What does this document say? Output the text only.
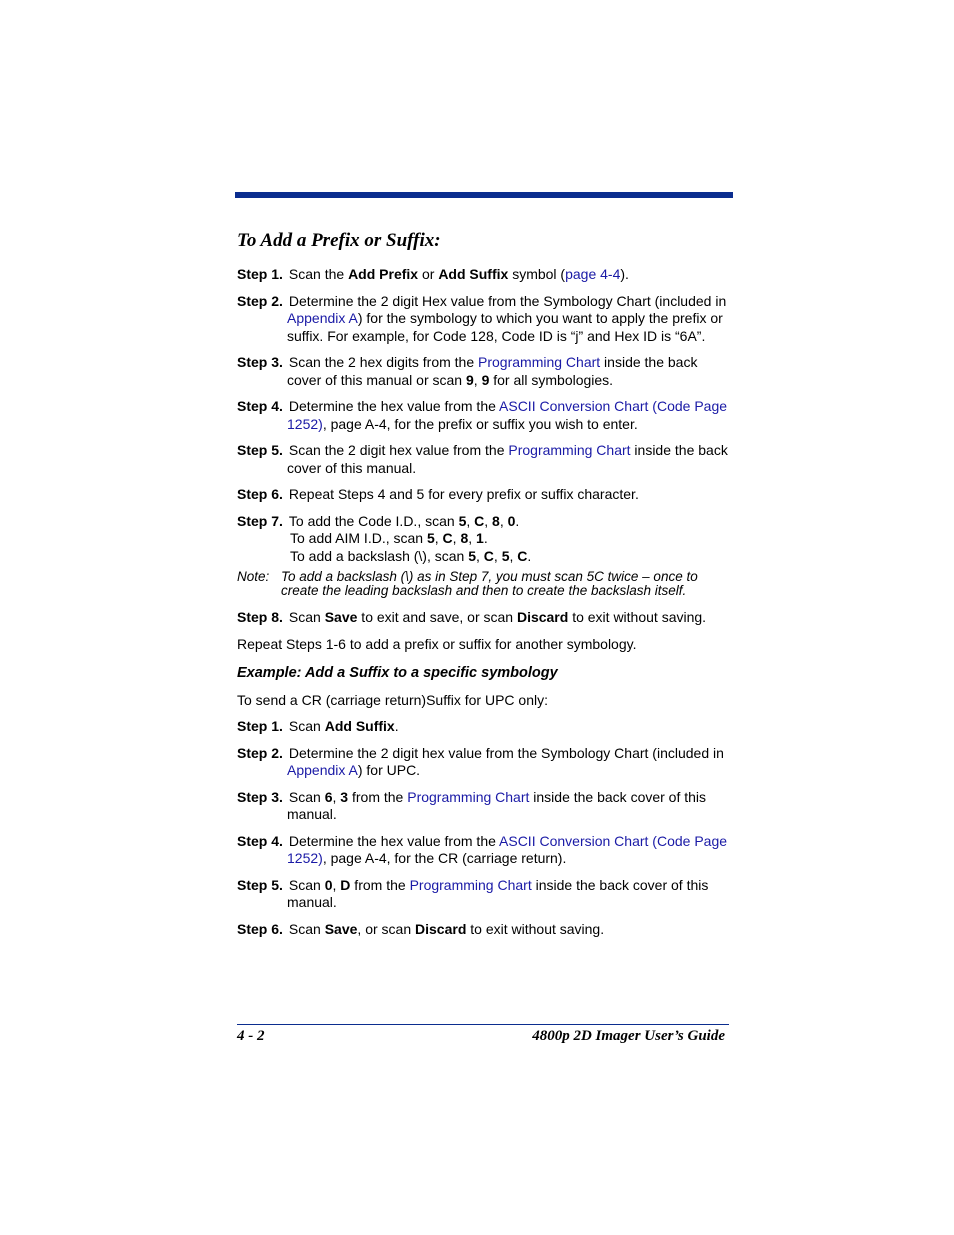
To Add a Prefix or Suffix:
Step 1. Scan the Add Prefix or Add Suffix symbol (page 4-4).
Step 2. Determine the 2 digit Hex value from the Symbology Chart (included in Appendix A) for the symbology to which you want to apply the prefix or suffix. For example, for Code 128, Code ID is “j” and Hex ID is “6A”.
Step 3. Scan the 2 hex digits from the Programming Chart inside the back cover of this manual or scan 9, 9 for all symbologies.
Step 4. Determine the hex value from the ASCII Conversion Chart (Code Page 1252), page A-4, for the prefix or suffix you wish to enter.
Step 5. Scan the 2 digit hex value from the Programming Chart inside the back cover of this manual.
Step 6. Repeat Steps 4 and 5 for every prefix or suffix character.
Step 7. To add the Code I.D., scan 5, C, 8, 0.
To add AIM I.D., scan 5, C, 8, 1.
To add a backslash (\), scan 5, C, 5, C.
Note: To add a backslash (\) as in Step 7, you must scan 5C twice – once to create the leading backslash and then to create the backslash itself.
Step 8. Scan Save to exit and save, or scan Discard to exit without saving.

Repeat Steps 1-6 to add a prefix or suffix for another symbology.

Example: Add a Suffix to a specific symbology

To send a CR (carriage return)Suffix for UPC only:

Step 1. Scan Add Suffix.
Step 2. Determine the 2 digit hex value from the Symbology Chart (included in Appendix A) for UPC.
Step 3. Scan 6, 3 from the Programming Chart inside the back cover of this manual.
Step 4. Determine the hex value from the ASCII Conversion Chart (Code Page 1252), page A-4, for the CR (carriage return).
Step 5. Scan 0, D from the Programming Chart inside the back cover of this manual.
Step 6. Scan Save, or scan Discard to exit without saving.
4 - 2	4800p 2D Imager User’s Guide
